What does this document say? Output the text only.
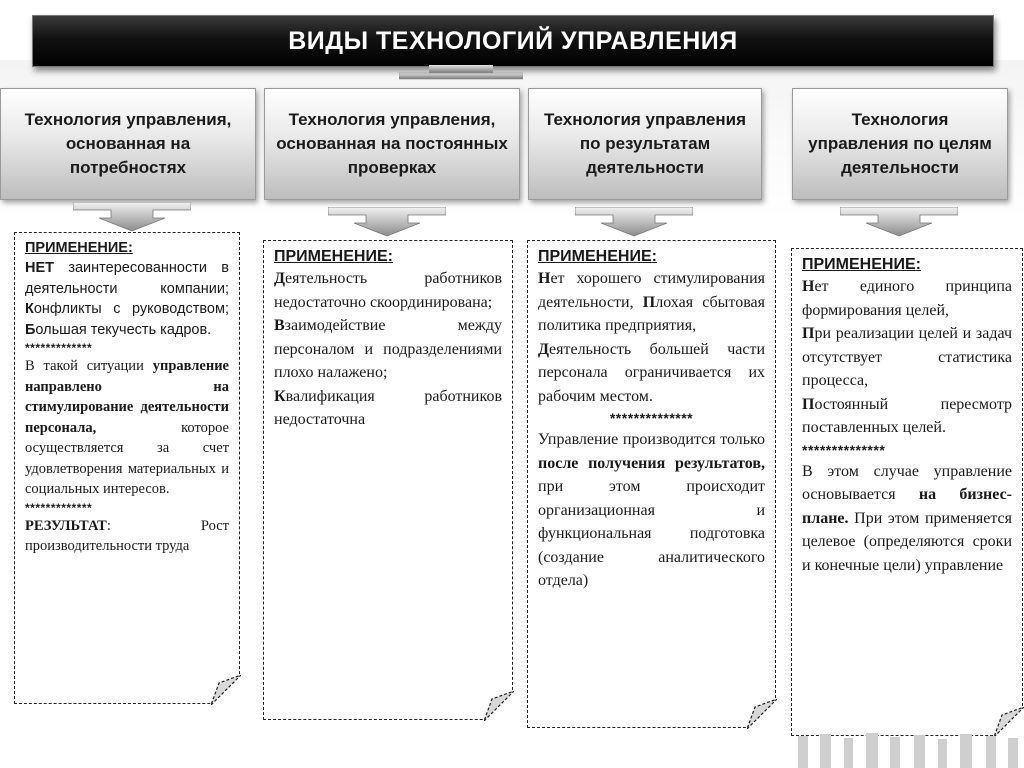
ВИДЫ ТЕХНОЛОГИЙ УПРАВЛЕНИЯ
Технология управления, основанная на потребностях
Технология управления, основанная на постоянных проверках
Технология управления по результатам деятельности
Технология управления по целям деятельности
ПРИМЕНЕНИЕ:
НЕТ заинтересованности в деятельности компании; Конфликты с руководством; Большая текучесть кадров.
*************
В такой ситуации управление направлено на стимулирование деятельности персонала, которое осуществляется за счет удовлетворения материальных и социальных интересов.
*************
РЕЗУЛЬТАТ: Рост производительности труда
ПРИМЕНЕНИЕ:
Деятельность работников недостаточно скоординирована;
Взаимодействие между персоналом и подразделениями плохо налажено;
Квалификация работников недостаточна
ПРИМЕНЕНИЕ:
Нет хорошего стимулирования деятельности, Плохая сбытовая политика предприятия,
Деятельность большей части персонала ограничивается их рабочим местом.
**************
Управление производится только после получения результатов, при этом происходит организационная и функциональная подготовка (создание аналитического отдела)
ПРИМЕНЕНИЕ:
Нет единого принципа формирования целей,
При реализации целей и задач отсутствует статистика процесса,
Постоянный пересмотр поставленных целей.
**************
В этом случае управление основывается на бизнес-плане. При этом применяется целевое (определяются сроки и конечные цели) управление
